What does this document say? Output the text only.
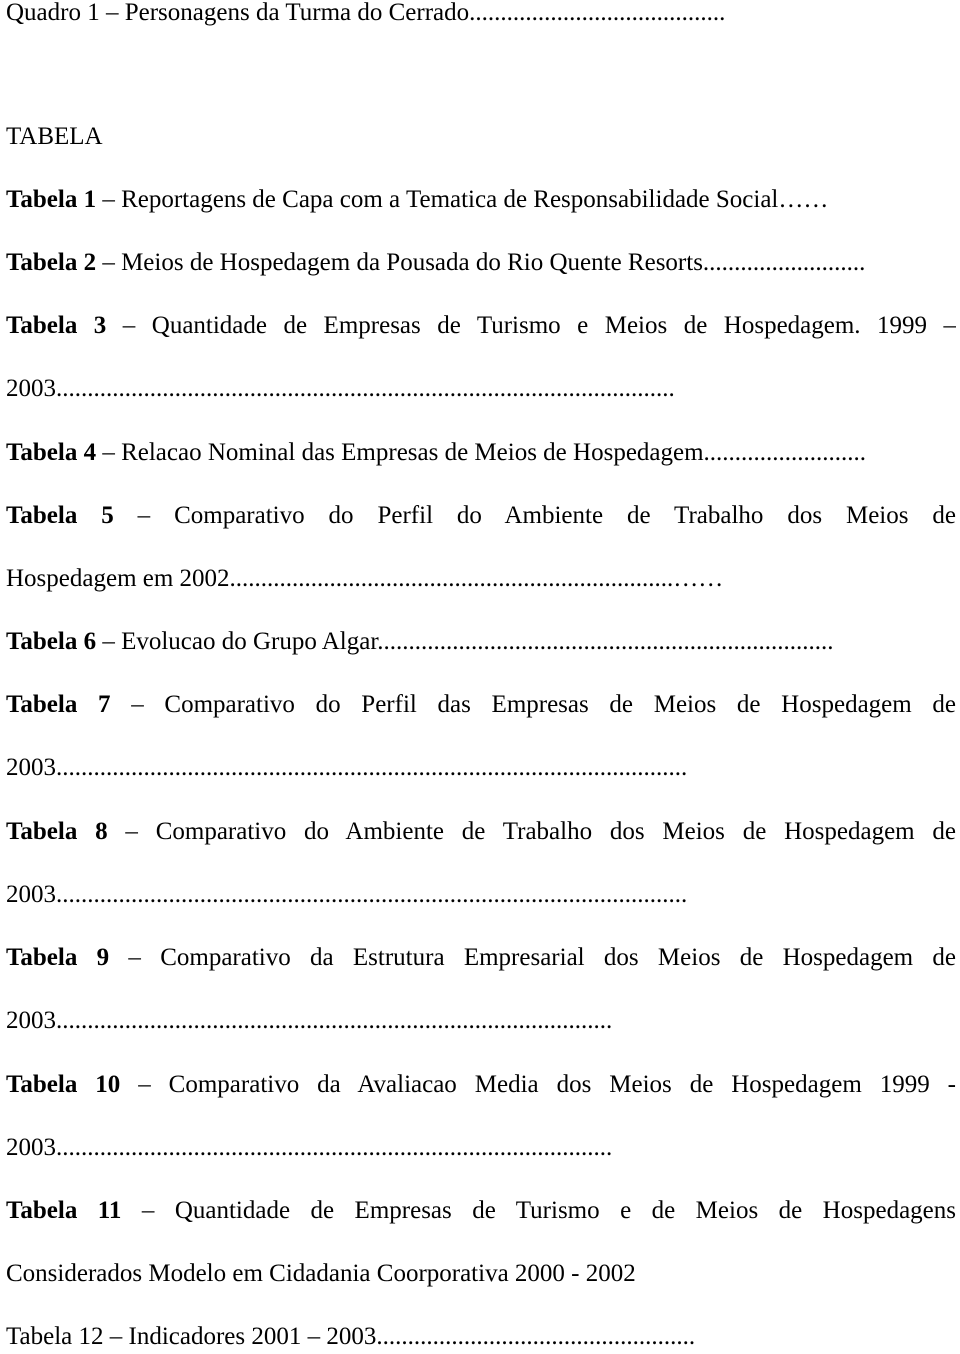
Quadro 1 – Personagens da Turma do Cerrado.........................................
TABELA
Tabela 1 – Reportagens de Capa com a Tematica de Responsabilidade Social……
Tabela 2 – Meios de Hospedagem da Pousada do Rio Quente Resorts..........................
Tabela 3 – Quantidade de Empresas de Turismo e Meios de Hospedagem. 1999 –
2003...................................................................................................
Tabela 4 – Relacao Nominal das Empresas de Meios de Hospedagem..........................
Tabela 5 – Comparativo do Perfil do Ambiente de Trabalho dos Meios de
Hospedagem em 2002.......................................................................……
Tabela 6 – Evolucao do Grupo Algar.........................................................................
Tabela 7 – Comparativo do Perfil das Empresas de Meios de Hospedagem de
2003.....................................................................................................
Tabela 8 – Comparativo do Ambiente de Trabalho dos Meios de Hospedagem de
2003.....................................................................................................
Tabela 9 – Comparativo da Estrutura Empresarial dos Meios de Hospedagem de
2003.........................................................................................
Tabela 10 – Comparativo da Avaliacao Media dos Meios de Hospedagem 1999 -
2003.........................................................................................
Tabela 11 – Quantidade de Empresas de Turismo e de Meios de Hospedagens
Considerados Modelo em Cidadania Coorporativa 2000 - 2002
Tabela 12 – Indicadores 2001 – 2003...................................................
